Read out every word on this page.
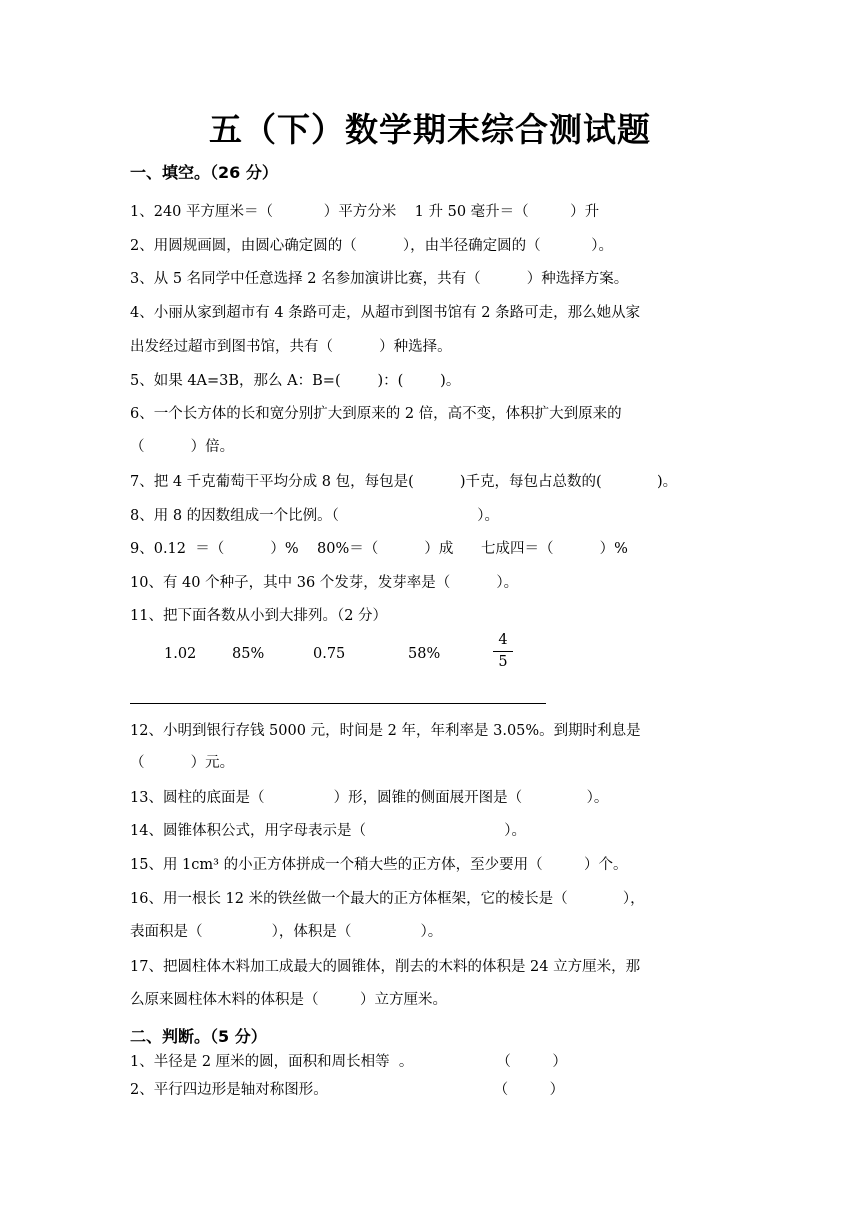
五（下）数学期末综合测试题
一、填空。（26 分）
1、240 平方厘米＝（           ）平方分米    1 升 50 毫升＝（         ）升
2、用圆规画圆，由圆心确定圆的（          ），由半径确定圆的（           ）。
3、从 5 名同学中任意选择 2 名参加演讲比赛，共有（          ）种选择方案。
4、小丽从家到超市有 4 条路可走，从超市到图书馆有 2 条路可走，那么她从家
出发经过超市到图书馆，共有（          ）种选择。
5、如果 4A=3B，那么 A：B=(        )：(        )。
6、一个长方体的长和宽分别扩大到原来的 2 倍，高不变，体积扩大到原来的
（          ）倍。
7、把 4 千克葡萄干平均分成 8 包，每包是(          )千克，每包占总数的(            )。
8、用 8 的因数组成一个比例。（                              ）。
9、0.12  ＝（          ）%    80%＝（          ）成      七成四＝（          ）%
10、有 40 个种子，其中 36 个发芽，发芽率是（          ）。
11、把下面各数从小到大排列。（2 分）
1.02 85%	0.75	58%
4
5
12、小明到银行存钱 5000 元，时间是 2 年，年利率是 3.05%。到期时利息是
（          ）元。
13、圆柱的底面是（               ）形，圆锥的侧面展开图是（              ）。
14、圆锥体积公式，用字母表示是（                              ）。
15、用 1cm³ 的小正方体拼成一个稍大些的正方体，至少要用（         ）个。
16、用一根长 12 米的铁丝做一个最大的正方体框架，它的棱长是（            ），
表面积是（               ），体积是（               ）。
17、把圆柱体木料加工成最大的圆锥体，削去的木料的体积是 24 立方厘米，那
么原来圆柱体木料的体积是（         ）立方厘米。
二、判断。（5 分）
1、半径是 2 厘米的圆，面积和周长相等  。                  （         ）
2、平行四边形是轴对称图形。                                    （         ）
